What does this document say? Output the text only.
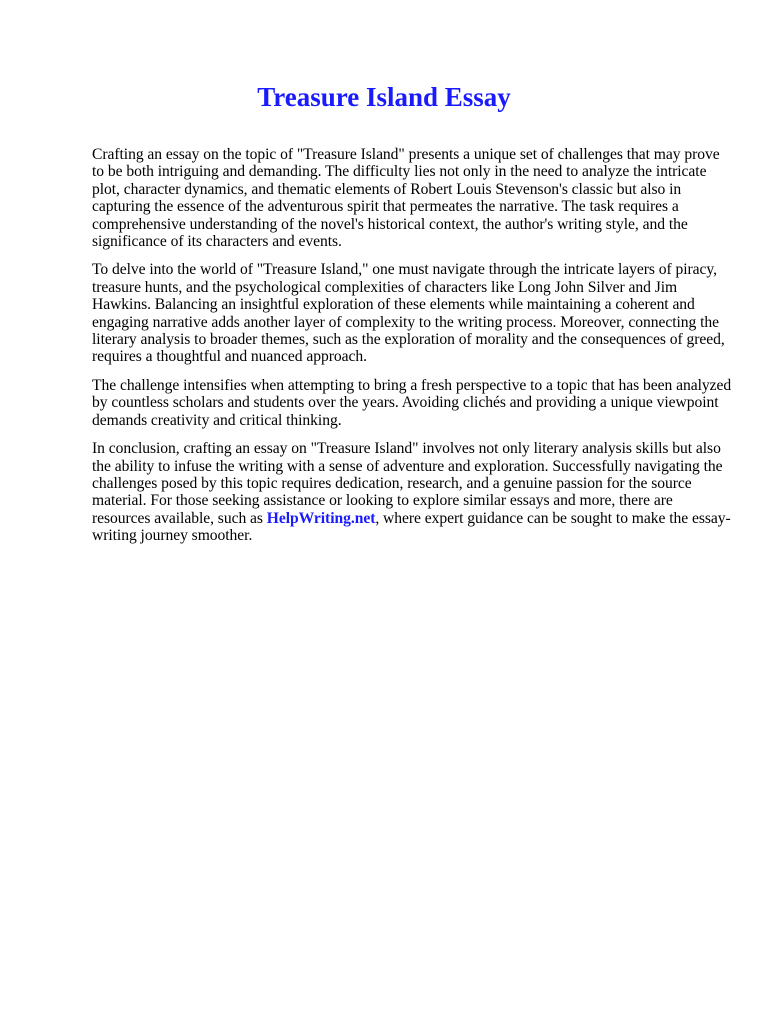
Treasure Island Essay

Crafting an essay on the topic of "Treasure Island" presents a unique set of challenges that may prove to be both intriguing and demanding. The difficulty lies not only in the need to analyze the intricate plot, character dynamics, and thematic elements of Robert Louis Stevenson's classic but also in capturing the essence of the adventurous spirit that permeates the narrative. The task requires a comprehensive understanding of the novel's historical context, the author's writing style, and the significance of its characters and events.

To delve into the world of "Treasure Island," one must navigate through the intricate layers of piracy, treasure hunts, and the psychological complexities of characters like Long John Silver and Jim Hawkins. Balancing an insightful exploration of these elements while maintaining a coherent and engaging narrative adds another layer of complexity to the writing process. Moreover, connecting the literary analysis to broader themes, such as the exploration of morality and the consequences of greed, requires a thoughtful and nuanced approach.

The challenge intensifies when attempting to bring a fresh perspective to a topic that has been analyzed by countless scholars and students over the years. Avoiding clichés and providing a unique viewpoint demands creativity and critical thinking.

In conclusion, crafting an essay on "Treasure Island" involves not only literary analysis skills but also the ability to infuse the writing with a sense of adventure and exploration. Successfully navigating the challenges posed by this topic requires dedication, research, and a genuine passion for the source material. For those seeking assistance or looking to explore similar essays and more, there are resources available, such as HelpWriting.net, where expert guidance can be sought to make the essay-writing journey smoother.
